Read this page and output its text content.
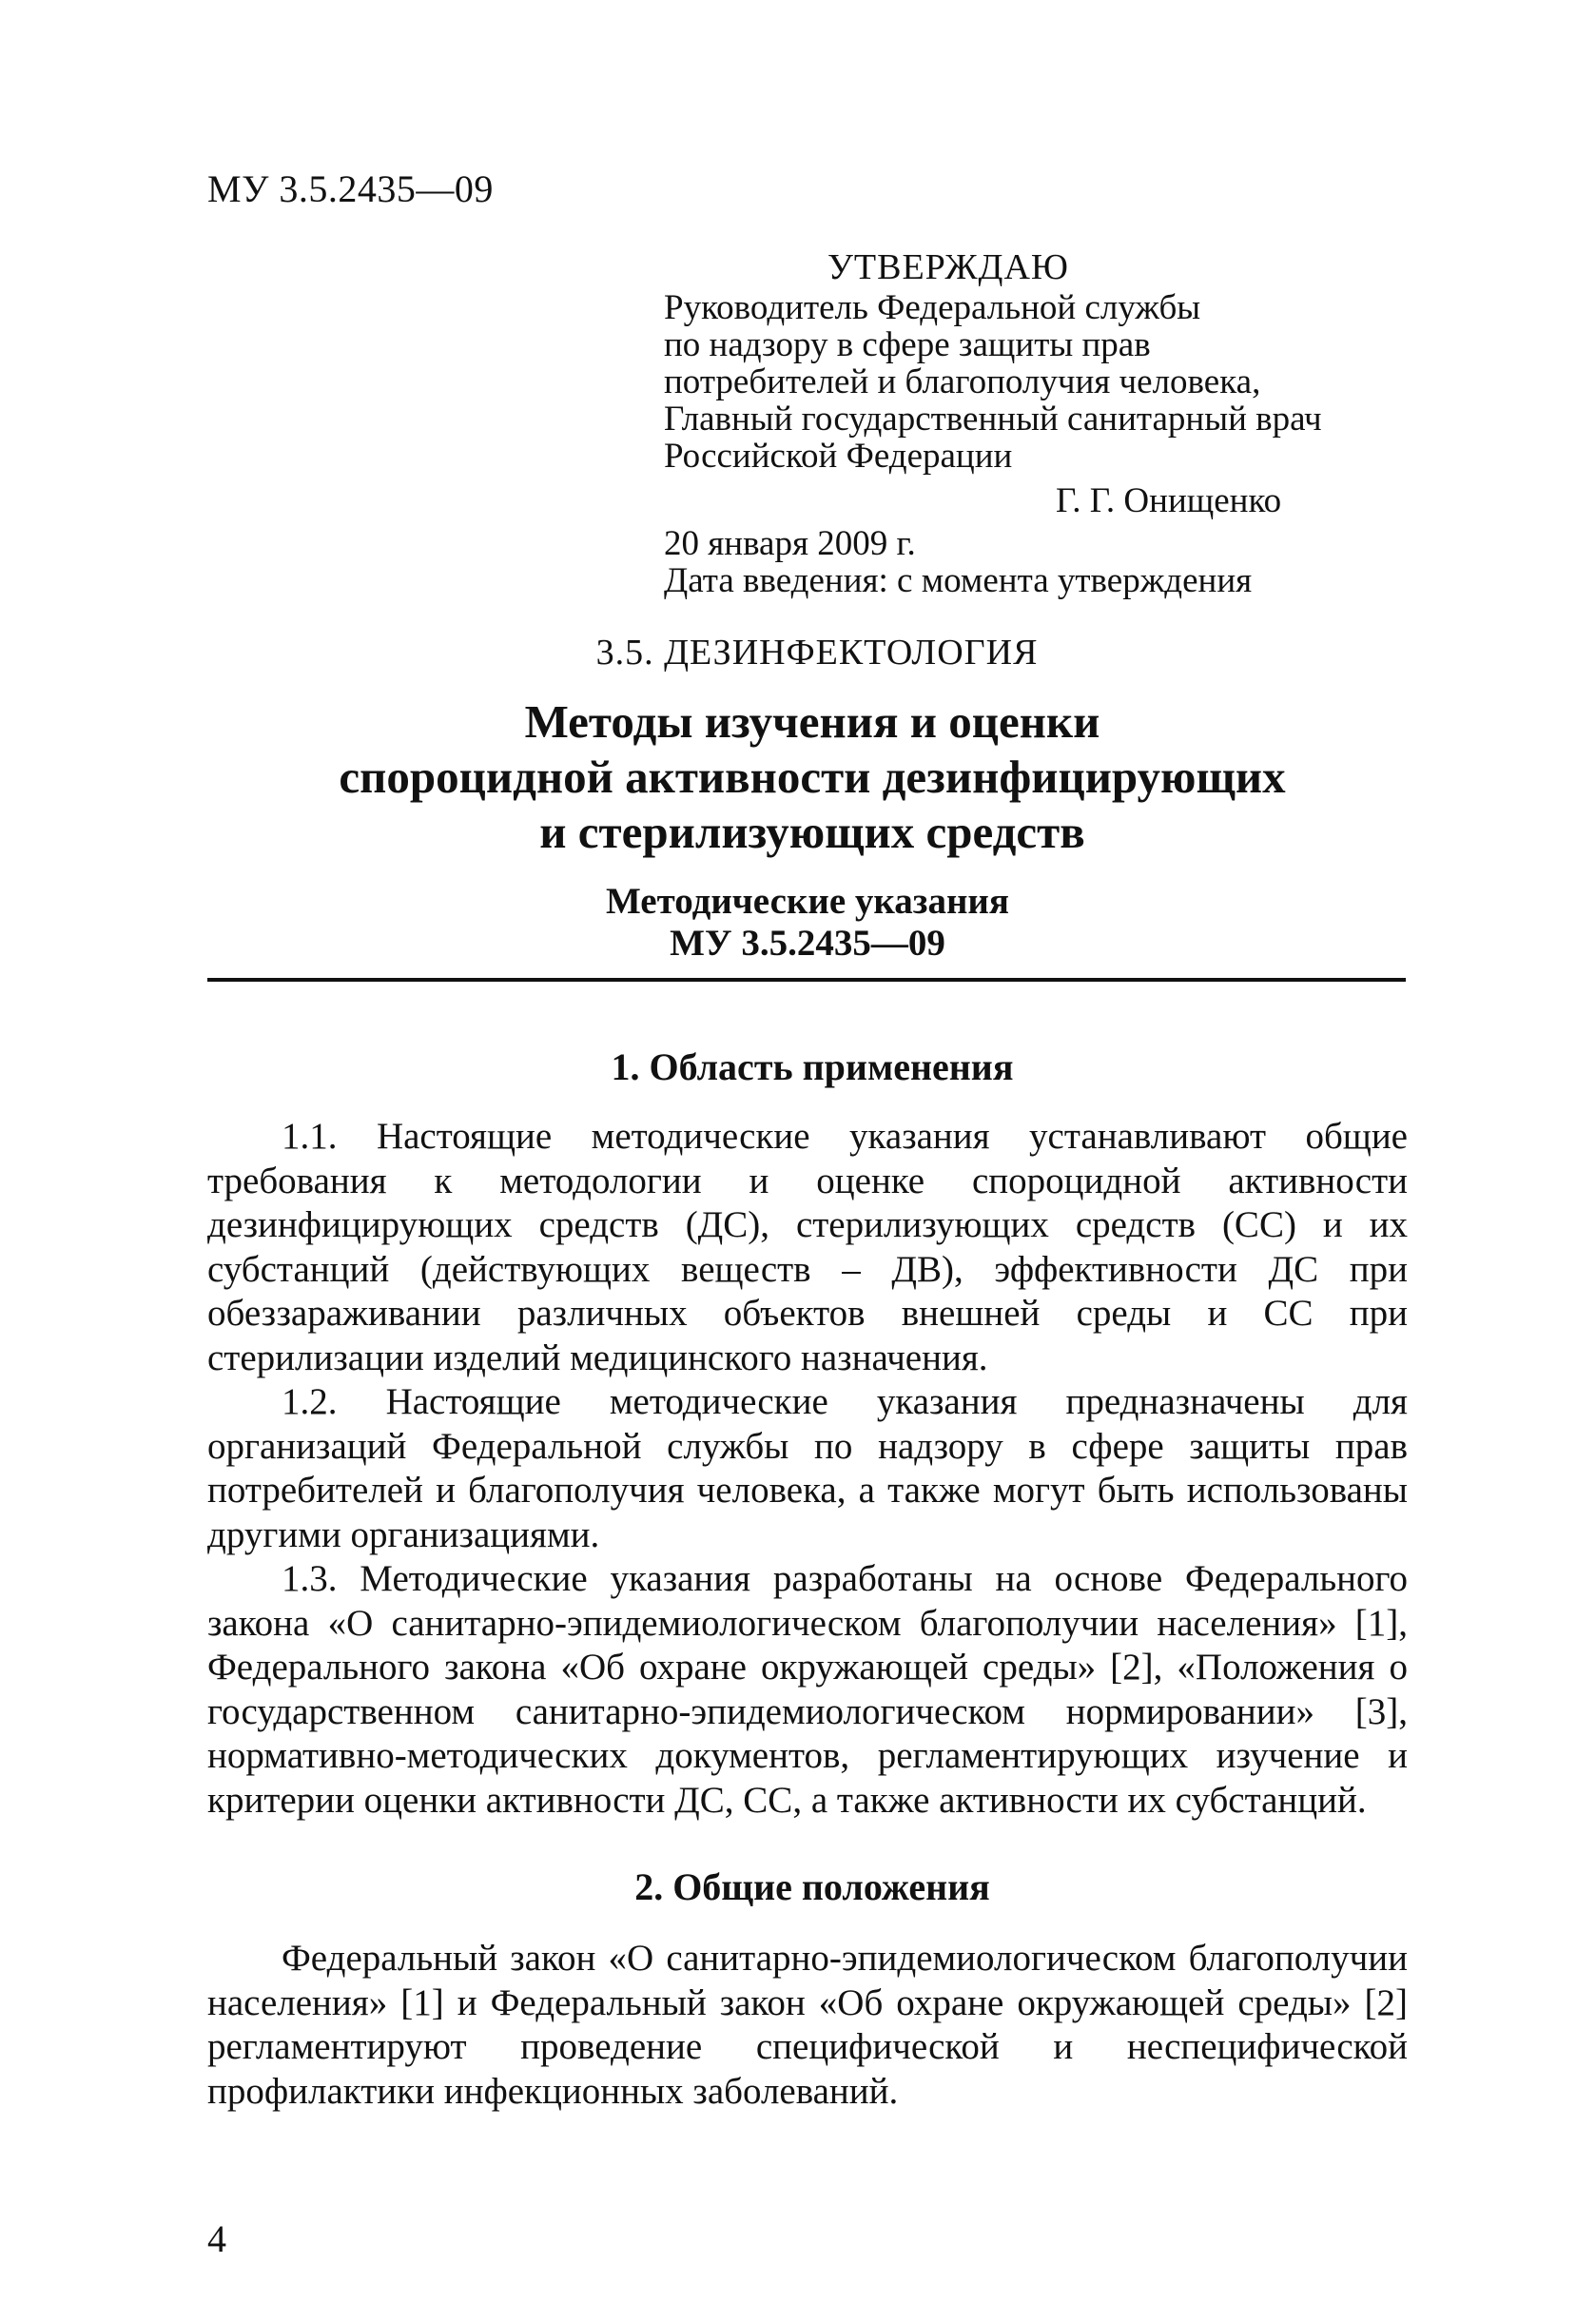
МУ 3.5.2435—09
УТВЕРЖДАЮ
Руководитель Федеральной службы
по надзору в сфере защиты прав
потребителей и благополучия человека,
Главный государственный санитарный врач
Российской Федерации
Г. Г. Онищенко
20 января 2009 г.
Дата введения: с момента утверждения
3.5. ДЕЗИНФЕКТОЛОГИЯ
Методы изучения и оценки
спороцидной активности дезинфицирующих
и стерилизующих средств
Методические указания
МУ 3.5.2435—09
1. Область применения

1.1. Настоящие методические указания устанавливают общие требования к методологии и оценке спороцидной активности дезинфицирующих средств (ДС), стерилизующих средств (СС) и их субстанций (действующих веществ – ДВ), эффективности ДС при обеззараживании различных объектов внешней среды и СС при стерилизации изделий медицинского назначения.

1.2. Настоящие методические указания предназначены для организаций Федеральной службы по надзору в сфере защиты прав потребителей и благополучия человека, а также могут быть использованы другими организациями.

1.3. Методические указания разработаны на основе Федерального закона «О санитарно-эпидемиологическом благополучии населения» [1], Федерального закона «Об охране окружающей среды» [2], «Положения о государственном санитарно-эпидемиологическом нормировании» [3], нормативно-методических документов, регламентирующих изучение и критерии оценки активности ДС, СС, а также активности их субстанций.

2. Общие положения

Федеральный закон «О санитарно-эпидемиологическом благополучии населения» [1] и Федеральный закон «Об охране окружающей среды» [2] регламентируют проведение специфической и неспецифической профилактики инфекционных заболеваний.

4
